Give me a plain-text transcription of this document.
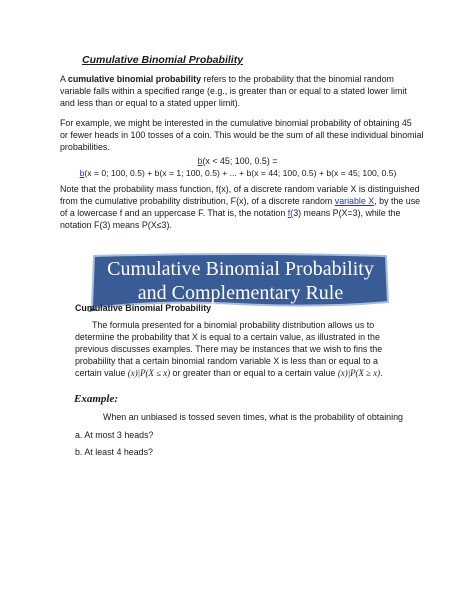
Cumulative Binomial Probability
A cumulative binomial probability refers to the probability that the binomial random
variable falls within a specified range (e.g., is greater than or equal to a stated lower limit
and less than or equal to a stated upper limit).
For example, we might be interested in the cumulative binomial probability of obtaining 45
or fewer heads in 100 tosses of a coin. This would be the sum of all these individual binomial
probabilities.
b(x < 45; 100, 0.5) =
b(x = 0; 100, 0.5) + b(x = 1; 100, 0.5) + ... + b(x = 44; 100, 0.5) + b(x = 45; 100, 0.5)
Note that the probability mass function, f(x), of a discrete random variable X is distinguished
from the cumulative probability distribution, F(x), of a discrete random variable X, by the use
of a lowercase f and an uppercase F. That is, the notation f(3) means P(X=3), while the
notation F(3) means P(X≤3).
Cumulative Binomial Probability
and Complementary Rule
Cumulative Binomial Probability
The formula presented for a binomial probability distribution allows us to
determine the probability that X is equal to a certain value, as illustrated in the
previous discusses examples. There may be instances that we wish to fins the
probability that a certain binomial random variable X is less than or equal to a
certain value (x)|P(X ≤ x) or greater than or equal to a certain value (x)|P(X ≥ x).
Example:
When an unbiased is tossed seven times, what is the probability of obtaining
a. At most 3 heads?
b. At least 4 heads?
